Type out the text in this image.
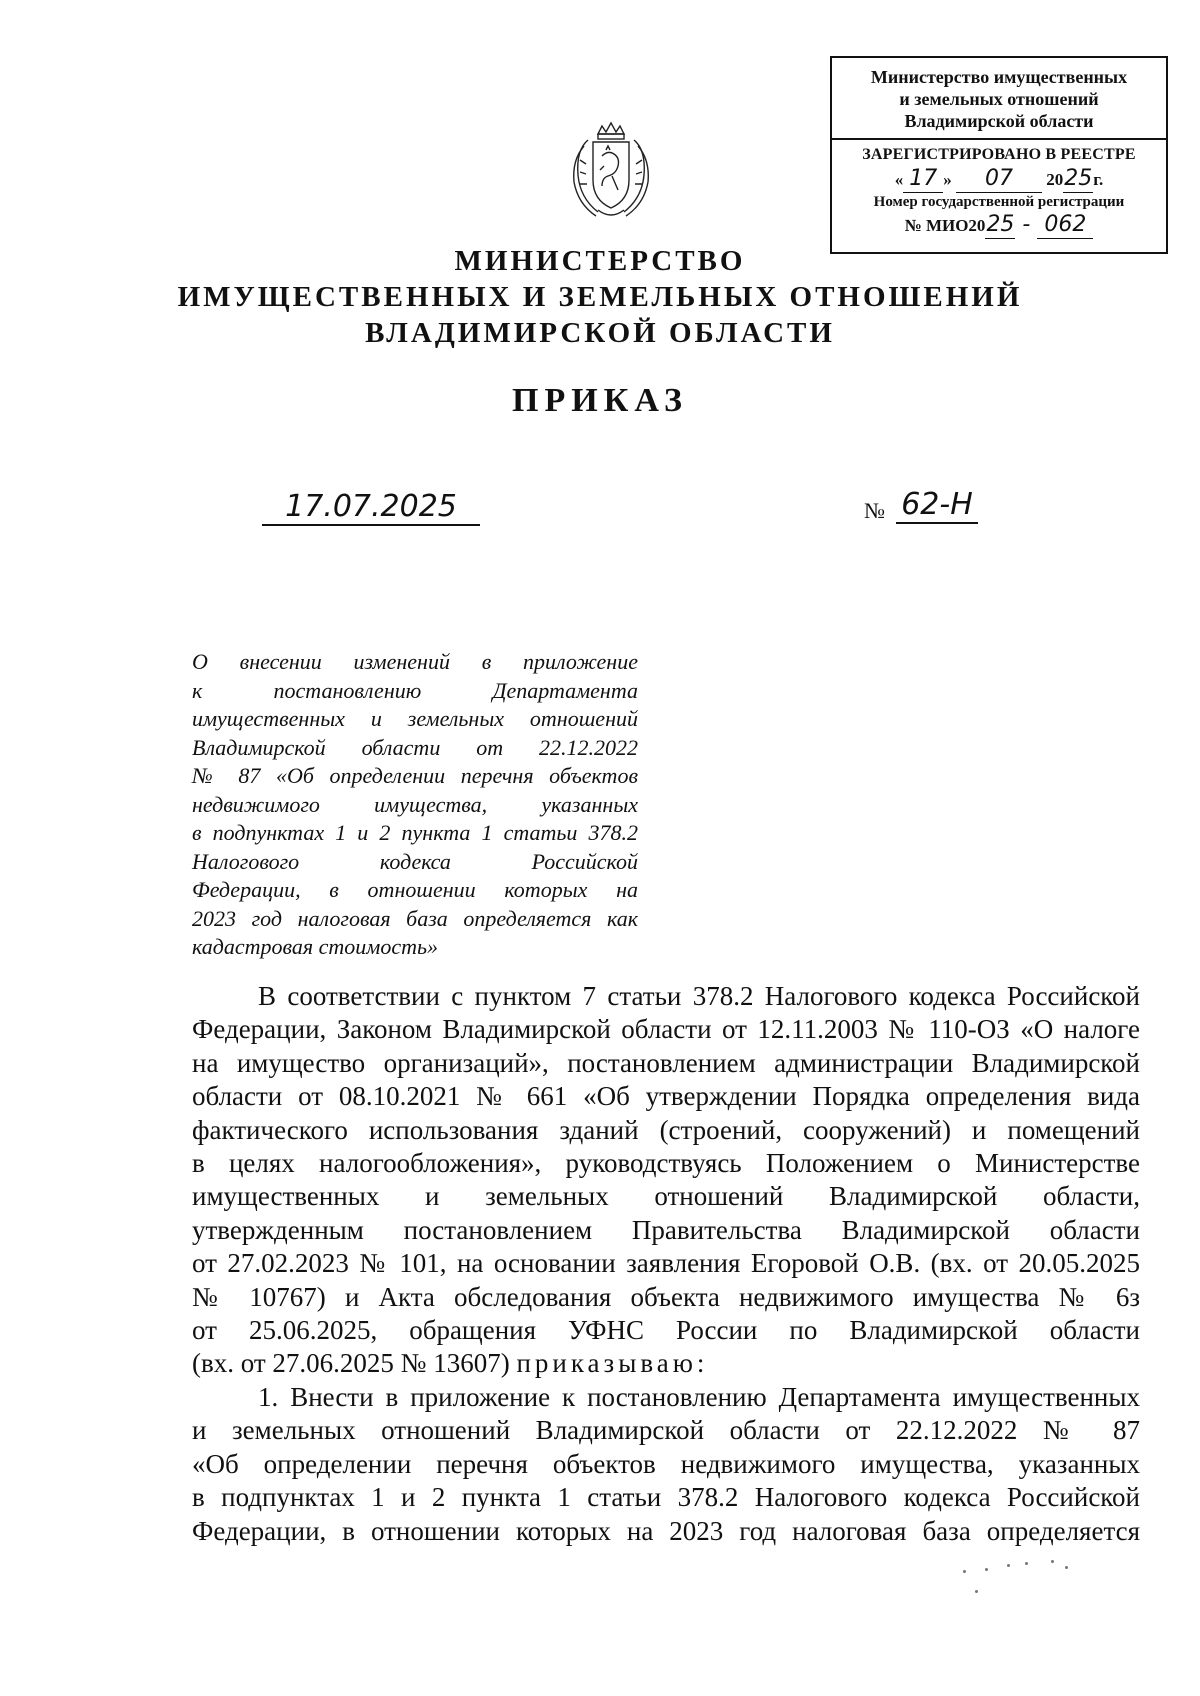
Министерство имущественных
и земельных отношений
Владимирской области
ЗАРЕГИСТРИРОВАНО В РЕЕСТРЕ
« 17 » 07 2025г.
Номер государственной регистрации
№ МИО2025 - 062
МИНИСТЕРСТВО
ИМУЩЕСТВЕННЫХ И ЗЕМЕЛЬНЫХ ОТНОШЕНИЙ
ВЛАДИМИРСКОЙ ОБЛАСТИ
ПРИКАЗ
17.07.2025	№ 62-Н
О внесении изменений в приложение
к постановлению Департамента
имущественных и земельных отношений
Владимирской области от 22.12.2022
№ 87 «Об определении перечня объектов
недвижимого имущества, указанных
в подпунктах 1 и 2 пункта 1 статьи 378.2
Налогового кодекса Российской
Федерации, в отношении которых на
2023 год налоговая база определяется как
кадастровая стоимость»
В соответствии с пунктом 7 статьи 378.2 Налогового кодекса Российской
Федерации, Законом Владимирской области от 12.11.2003 № 110-ОЗ «О налоге
на имущество организаций», постановлением администрации Владимирской
области от 08.10.2021 № 661 «Об утверждении Порядка определения вида
фактического использования зданий (строений, сооружений) и помещений
в целях налогообложения», руководствуясь Положением о Министерстве
имущественных и земельных отношений Владимирской области,
утвержденным постановлением Правительства Владимирской области
от 27.02.2023 № 101, на основании заявления Егоровой О.В. (вх. от 20.05.2025
№ 10767) и Акта обследования объекта недвижимого имущества № 6з
от 25.06.2025, обращения УФНС России по Владимирской области
(вх. от 27.06.2025 № 13607) приказываю:
1. Внести в приложение к постановлению Департамента имущественных
и земельных отношений Владимирской области от 22.12.2022 № 87
«Об определении перечня объектов недвижимого имущества, указанных
в подпунктах 1 и 2 пункта 1 статьи 378.2 Налогового кодекса Российской
Федерации, в отношении которых на 2023 год налоговая база определяется
